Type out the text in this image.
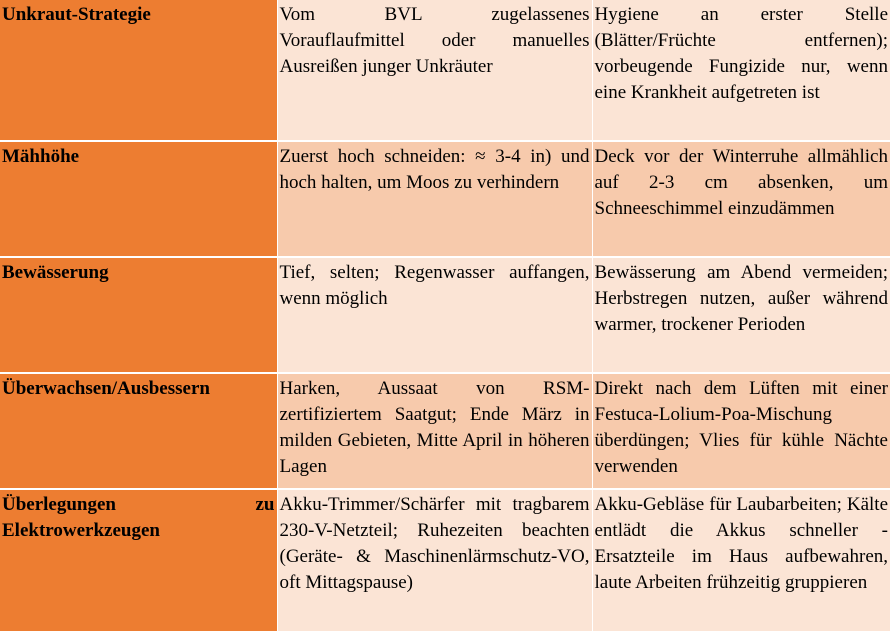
Unkraut-Strategie	Vom BVL zugelassenes Vorauflaufmittel oder manuelles Ausreißen junger Unkräuter	Hygiene an erster Stelle (Blätter/Früchte entfernen); vorbeugende Fungizide nur, wenn eine Krankheit aufgetreten ist
Mähhöhe	Zuerst hoch schneiden: ≈ 3-4 in) und hoch halten, um Moos zu verhindern	Deck vor der Winterruhe allmählich auf 2-3 cm absenken, um Schneeschimmel einzudämmen
Bewässerung	Tief, selten; Regenwasser auffangen, wenn möglich	Bewässerung am Abend vermeiden; Herbstregen nutzen, außer während warmer, trockener Perioden
Überwachsen/Ausbessern	Harken, Aussaat von RSM-zertifiziertem Saatgut; Ende März in milden Gebieten, Mitte April in höheren Lagen	Direkt nach dem Lüften mit einer Festuca-Lolium-Poa-Mischung überdüngen; Vlies für kühle Nächte verwenden
Überlegungen zu Elektrowerkzeugen	Akku-Trimmer/Schärfer mit tragbarem 230-V-Netzteil; Ruhezeiten beachten (Geräte- & Maschinenlärmschutz-VO, oft Mittagspause)	Akku-Gebläse für Laubarbeiten; Kälte entlädt die Akkus schneller - Ersatzteile im Haus aufbewahren, laute Arbeiten frühzeitig gruppieren
